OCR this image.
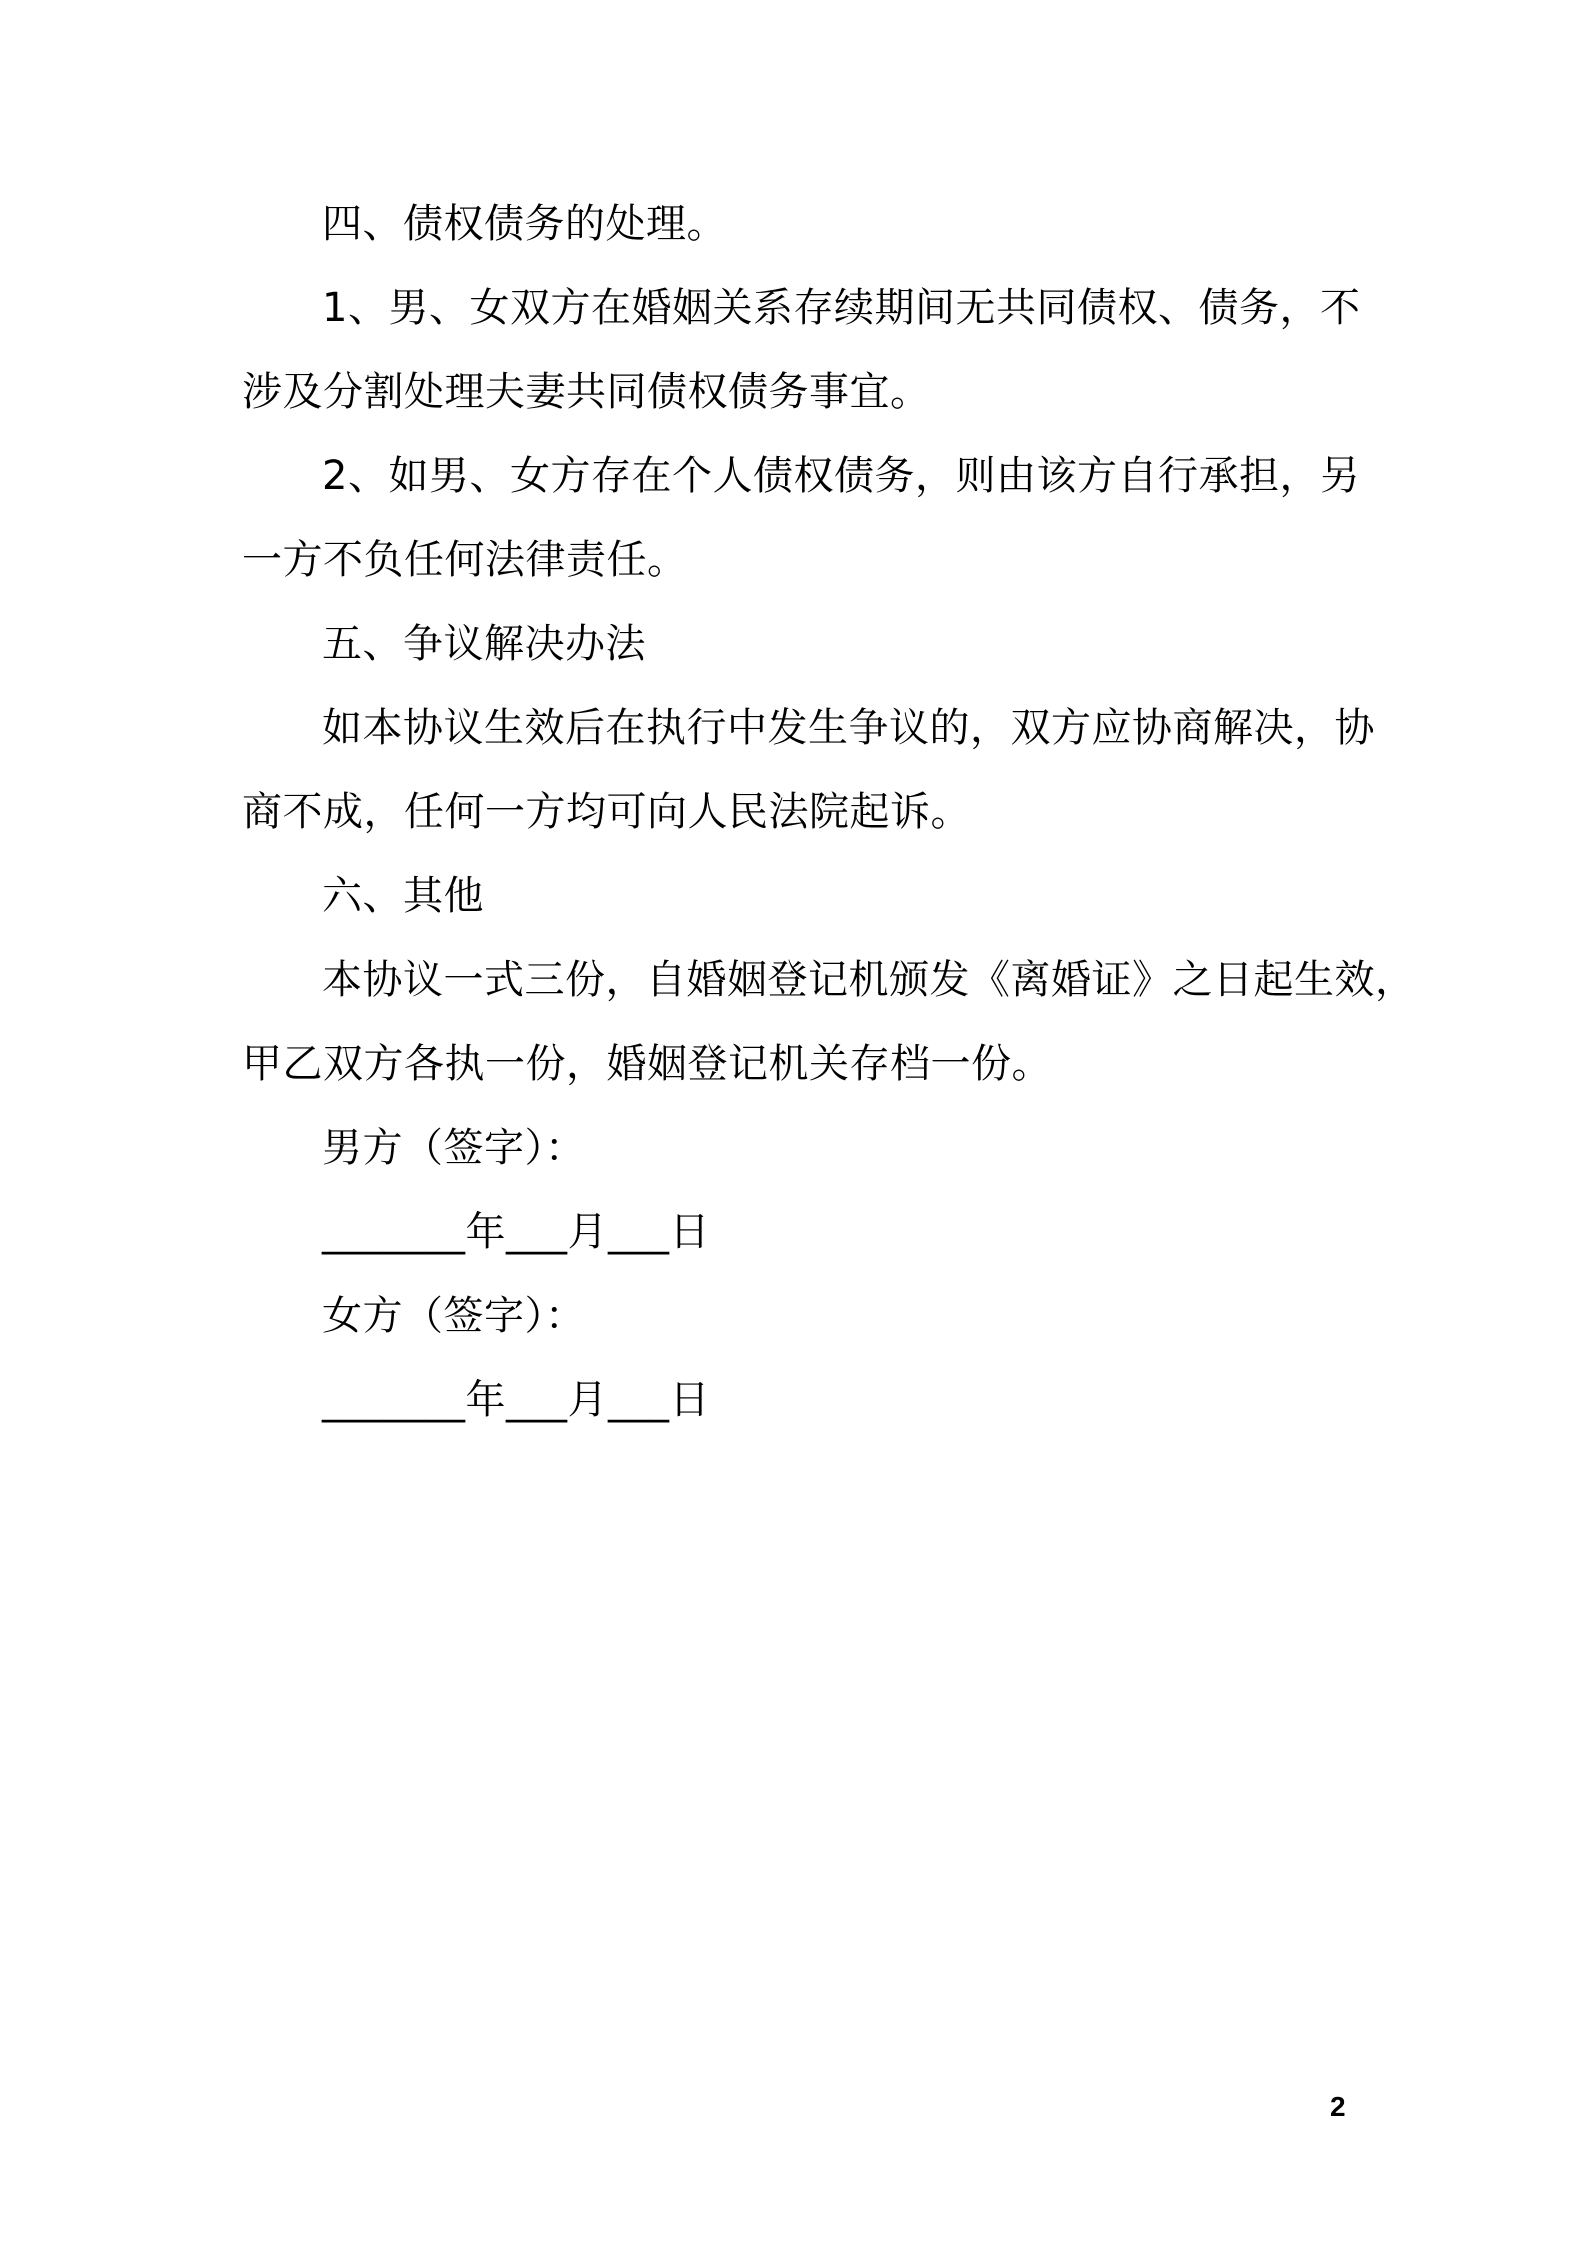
四、债权债务的处理。
1、男、女双方在婚姻关系存续期间无共同债权、债务，不
涉及分割处理夫妻共同债权债务事宜。
2、如男、女方存在个人债权债务，则由该方自行承担，另
一方不负任何法律责任。
五、争议解决办法
如本协议生效后在执行中发生争议的，双方应协商解决，协
商不成，任何一方均可向人民法院起诉。
六、其他
本协议一式三份，自婚姻登记机颁发《离婚证》之日起生效，
甲乙双方各执一份，婚姻登记机关存档一份。
男方（签字）：
_______年___月___日
女方（签字）：
_______年___月___日
2
